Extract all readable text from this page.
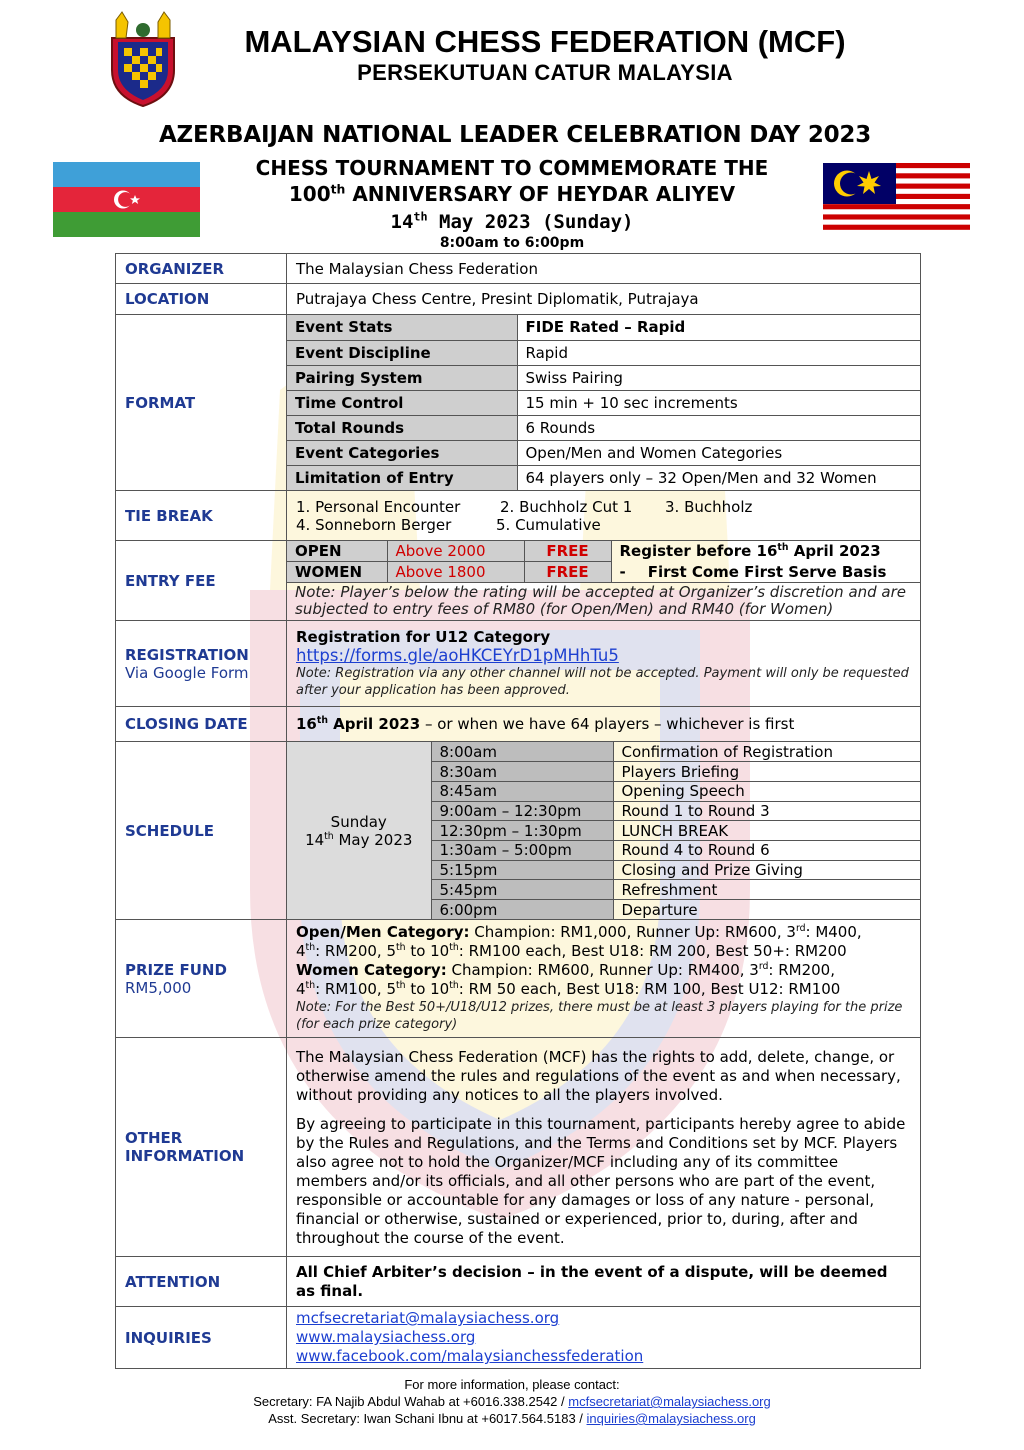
MALAYSIAN CHESS FEDERATION (MCF)
PERSEKUTUAN CATUR MALAYSIA
AZERBAIJAN NATIONAL LEADER CELEBRATION DAY 2023
CHESS TOURNAMENT TO COMMEMORATE THE
100th ANNIVERSARY OF HEYDAR ALIYEV
14th May 2023 (Sunday)
8:00am to 6:00pm
ORGANIZER	The Malaysian Chess Federation
LOCATION	Putrajaya Chess Centre, Presint Diplomatik, Putrajaya
FORMAT	
Event Stats	FIDE Rated – Rapid
Event Discipline	Rapid
Pairing System	Swiss Pairing
Time Control	15 min + 10 sec increments
Total Rounds	6 Rounds
Event Categories	Open/Men and Women Categories
Limitation of Entry	64 players only – 32 Open/Men and 32 Women

TIE BREAK	1. Personal Encounter	2. Buchholz Cut 1 3. Buchholz
4. Sonneborn Berger	5. Cumulative

ENTRY FEE	
OPEN	Above 2000	FREE	Register before 16th April 2023
WOMEN	Above 1800	FREE	- First Come First Serve Basis
Note: Player’s below the rating will be accepted at Organizer’s discretion and are subjected to entry fees of RM80 (for Open/Men) and RM40 (for Women)

REGISTRATION
Via Google Form

Registration for U12 Category
https://forms.gle/aoHKCEYrD1pMHhTu5
Note: Registration via any other channel will not be accepted. Payment will only be requested after your application has been approved.

CLOSING DATE	16th April 2023 – or when we have 64 players – whichever is first
SCHEDULE		Sunday
14th May 2023
	8:00am	Confirmation of Registration
8:30am	Players Briefing
8:45am	Opening Speech
9:00am – 12:30pm	Round 1 to Round 3
12:30pm – 1:30pm	LUNCH BREAK
1:30am – 5:00pm	Round 4 to Round 6
5:15pm	Closing and Prize Giving
5:45pm	Refreshment
6:00pm	Departure

PRIZE FUND
RM5,000

Open/Men Category: Champion: RM1,000, Runner Up: RM600, 3rd: M400,
4th: RM200, 5th to 10th: RM100 each, Best U18: RM 200, Best 50+: RM200
Women Category: Champion: RM600, Runner Up: RM400, 3rd: RM200,
4th: RM100, 5th to 10th: RM 50 each, Best U18: RM 100, Best U12: RM100
Note: For the Best 50+/U18/U12 prizes, there must be at least 3 players playing for the prize (for each prize category)

OTHER INFORMATION	

The Malaysian Chess Federation (MCF) has the rights to add, delete, change, or otherwise amend the rules and regulations of the event as and when necessary, without providing any notices to all the players involved.

By agreeing to participate in this tournament, participants hereby agree to abide by the Rules and Regulations, and the Terms and Conditions set by MCF. Players also agree not to hold the Organizer/MCF including any of its committee members and/or its officials, and all other persons who are part of the event, responsible or accountable for any damages or loss of any nature - personal, financial or otherwise, sustained or experienced, prior to, during, after and throughout the course of the event.

ATTENTION	All Chief Arbiter’s decision – in the event of a dispute, will be deemed as final.
INQUIRIES	
mcfsecretariat@malaysiachess.org
www.malaysiachess.org
www.facebook.com/malaysianchessfederation
For more information, please contact:
Secretary: FA Najib Abdul Wahab at +6016.338.2542 / mcfsecretariat@malaysiachess.org
Asst. Secretary: Iwan Schani Ibnu at +6017.564.5183 / inquiries@malaysiachess.org
